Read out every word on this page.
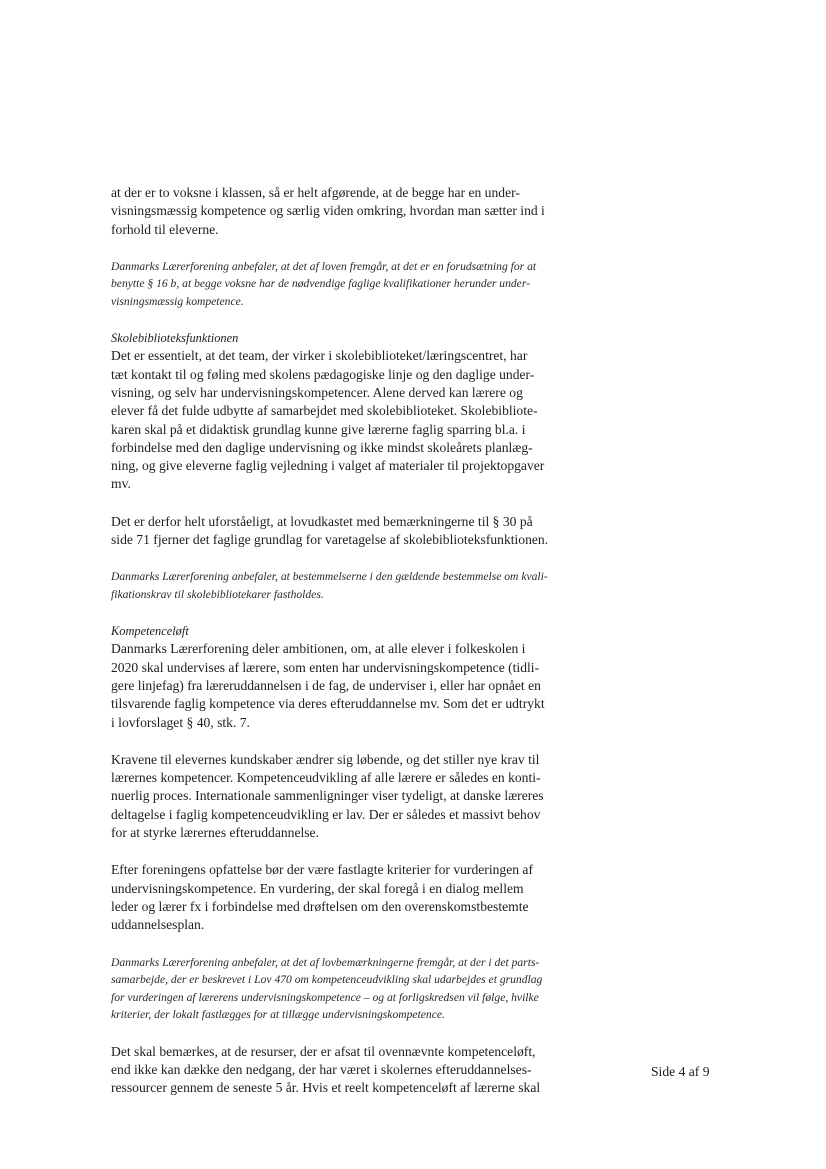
at der er to voksne i klassen, så er helt afgørende, at de begge har en under-
visningsmæssig kompetence og særlig viden omkring, hvordan man sætter ind i
forhold til eleverne.
Danmarks Lærerforening anbefaler, at det af loven fremgår, at det er en forudsætning for at
benytte § 16 b, at begge voksne har de nødvendige faglige kvalifikationer herunder under-
visningsmæssig kompetence.
Skolebiblioteksfunktionen
Det er essentielt, at det team, der virker i skolebiblioteket/læringscentret, har
tæt kontakt til og føling med skolens pædagogiske linje og den daglige under-
visning, og selv har undervisningskompetencer. Alene derved kan lærere og
elever få det fulde udbytte af samarbejdet med skolebiblioteket. Skolebibliote-
karen skal på et didaktisk grundlag kunne give lærerne faglig sparring bl.a. i
forbindelse med den daglige undervisning og ikke mindst skoleårets planlæg-
ning, og give eleverne faglig vejledning i valget af materialer til projektopgaver
mv.
Det er derfor helt uforståeligt, at lovudkastet med bemærkningerne til § 30 på
side 71 fjerner det faglige grundlag for varetagelse af skolebiblioteksfunktionen.
Danmarks Lærerforening anbefaler, at bestemmelserne i den gældende bestemmelse om kvali-
fikationskrav til skolebibliotekarer fastholdes.
Kompetenceløft
Danmarks Lærerforening deler ambitionen, om, at alle elever i folkeskolen i
2020 skal undervises af lærere, som enten har undervisningskompetence (tidli-
gere linjefag) fra læreruddannelsen i de fag, de underviser i, eller har opnået en
tilsvarende faglig kompetence via deres efteruddannelse mv. Som det er udtrykt
i lovforslaget § 40, stk. 7.
Kravene til elevernes kundskaber ændrer sig løbende, og det stiller nye krav til
lærernes kompetencer. Kompetenceudvikling af alle lærere er således en konti-
nuerlig proces. Internationale sammenligninger viser tydeligt, at danske læreres
deltagelse i faglig kompetenceudvikling er lav. Der er således et massivt behov
for at styrke lærernes efteruddannelse.
Efter foreningens opfattelse bør der være fastlagte kriterier for vurderingen af
undervisningskompetence. En vurdering, der skal foregå i en dialog mellem
leder og lærer fx i forbindelse med drøftelsen om den overenskomstbestemte
uddannelsesplan.
Danmarks Lærerforening anbefaler, at det af lovbemærkningerne fremgår, at der i det parts-
samarbejde, der er beskrevet i Lov 470 om kompetenceudvikling skal udarbejdes et grundlag
for vurderingen af lærerens undervisningskompetence – og at forligskredsen vil følge, hvilke
kriterier, der lokalt fastlægges for at tillægge undervisningskompetence.
Det skal bemærkes, at de resurser, der er afsat til ovennævnte kompetenceløft,
end ikke kan dække den nedgang, der har været i skolernes efteruddannelses-
ressourcer gennem de seneste 5 år. Hvis et reelt kompetenceløft af lærerne skal
Side 4 af 9
